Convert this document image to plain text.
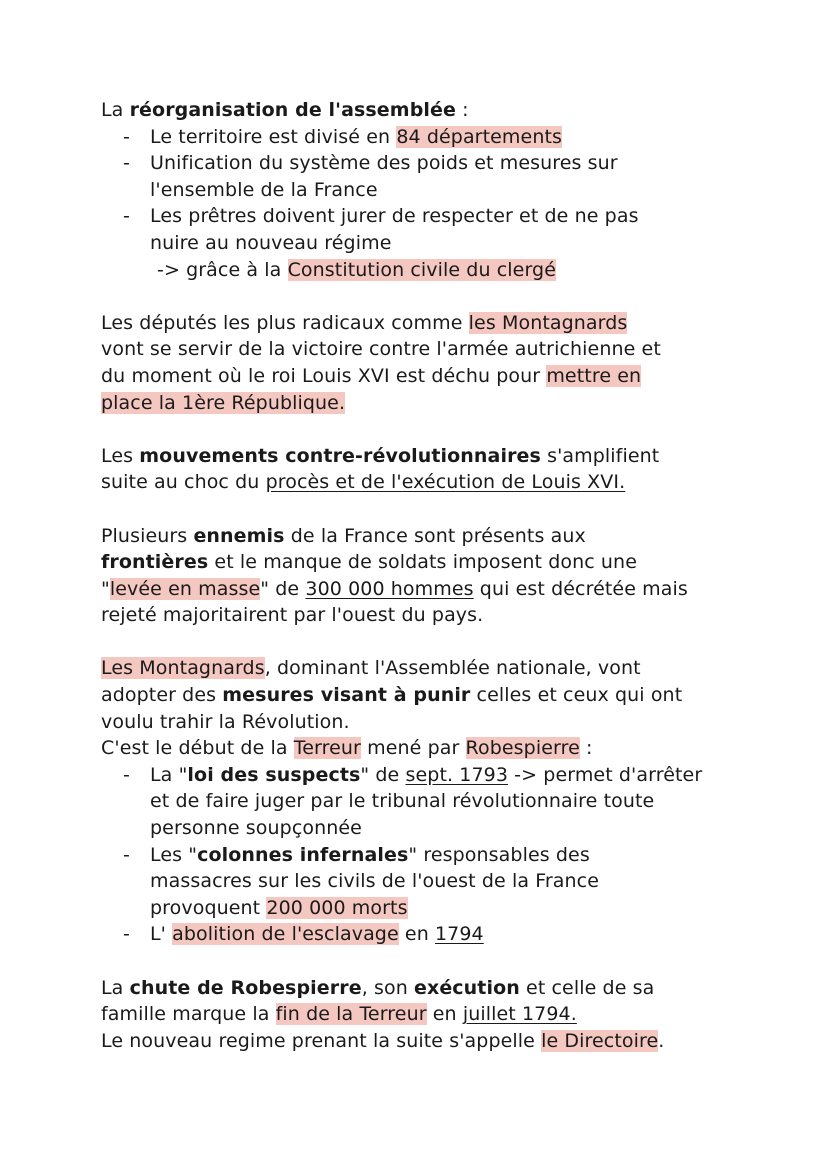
La réorganisation de l'assemblée :
- Le territoire est divisé en 84 départements
- Unification du système des poids et mesures sur
l'ensemble de la France
- Les prêtres doivent jurer de respecter et de ne pas
nuire au nouveau régime
-> grâce à la Constitution civile du clergé
Les députés les plus radicaux comme les Montagnards
vont se servir de la victoire contre l'armée autrichienne et
du moment où le roi Louis XVI est déchu pour mettre en
place la 1ère République.
Les mouvements contre-révolutionnaires s'amplifient
suite au choc du procès et de l'exécution de Louis XVI.
Plusieurs ennemis de la France sont présents aux
frontières et le manque de soldats imposent donc une
"levée en masse" de 300 000 hommes qui est décrétée mais
rejeté majoritairent par l'ouest du pays.
Les Montagnards, dominant l'Assemblée nationale, vont
adopter des mesures visant à punir celles et ceux qui ont
voulu trahir la Révolution.
C'est le début de la Terreur mené par Robespierre :
- La "loi des suspects" de sept. 1793 -> permet d'arrêter
et de faire juger par le tribunal révolutionnaire toute
personne soupçonnée
- Les "colonnes infernales" responsables des
massacres sur les civils de l'ouest de la France
provoquent 200 000 morts
- L' abolition de l'esclavage en 1794
La chute de Robespierre, son exécution et celle de sa
famille marque la fin de la Terreur en juillet 1794.
Le nouveau regime prenant la suite s'appelle le Directoire.
